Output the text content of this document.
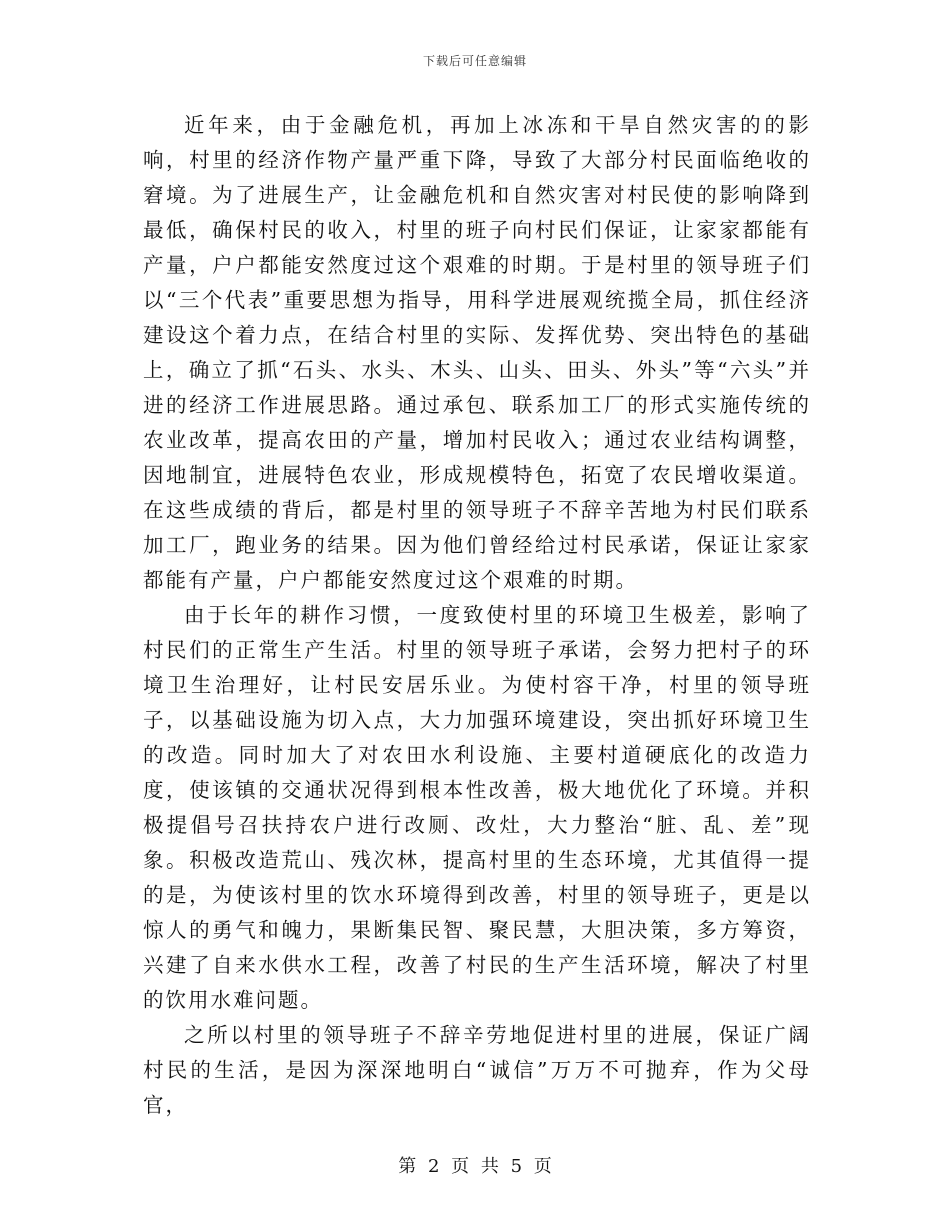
下载后可任意编辑

近年来，由于金融危机，再加上冰冻和干旱自然灾害的的影响，村里的经济作物产量严重下降，导致了大部分村民面临绝收的窘境。为了进展生产，让金融危机和自然灾害对村民使的影响降到最低，确保村民的收入，村里的班子向村民们保证，让家家都能有产量，户户都能安然度过这个艰难的时期。于是村里的领导班子们以“三个代表”重要思想为指导，用科学进展观统揽全局，抓住经济建设这个着力点，在结合村里的实际、发挥优势、突出特色的基础上，确立了抓“石头、水头、木头、山头、田头、外头”等“六头”并进的经济工作进展思路。通过承包、联系加工厂的形式实施传统的农业改革，提高农田的产量，增加村民收入；通过农业结构调整，因地制宜，进展特色农业，形成规模特色，拓宽了农民增收渠道。在这些成绩的背后，都是村里的领导班子不辞辛苦地为村民们联系加工厂，跑业务的结果。因为他们曾经给过村民承诺，保证让家家都能有产量，户户都能安然度过这个艰难的时期。

由于长年的耕作习惯，一度致使村里的环境卫生极差，影响了村民们的正常生产生活。村里的领导班子承诺，会努力把村子的环境卫生治理好，让村民安居乐业。为使村容干净，村里的领导班子，以基础设施为切入点，大力加强环境建设，突出抓好环境卫生的改造。同时加大了对农田水利设施、主要村道硬底化的改造力度，使该镇的交通状况得到根本性改善，极大地优化了环境。并积极提倡号召扶持农户进行改厕、改灶，大力整治“脏、乱、差”现象。积极改造荒山、残次林，提高村里的生态环境，尤其值得一提的是，为使该村里的饮水环境得到改善，村里的领导班子，更是以惊人的勇气和魄力，果断集民智、聚民慧，大胆决策，多方筹资，兴建了自来水供水工程，改善了村民的生产生活环境，解决了村里的饮用水难问题。

之所以村里的领导班子不辞辛劳地促进村里的进展，保证广阔村民的生活，是因为深深地明白“诚信”万万不可抛弃，作为父母官，

第 2 页 共 5 页
